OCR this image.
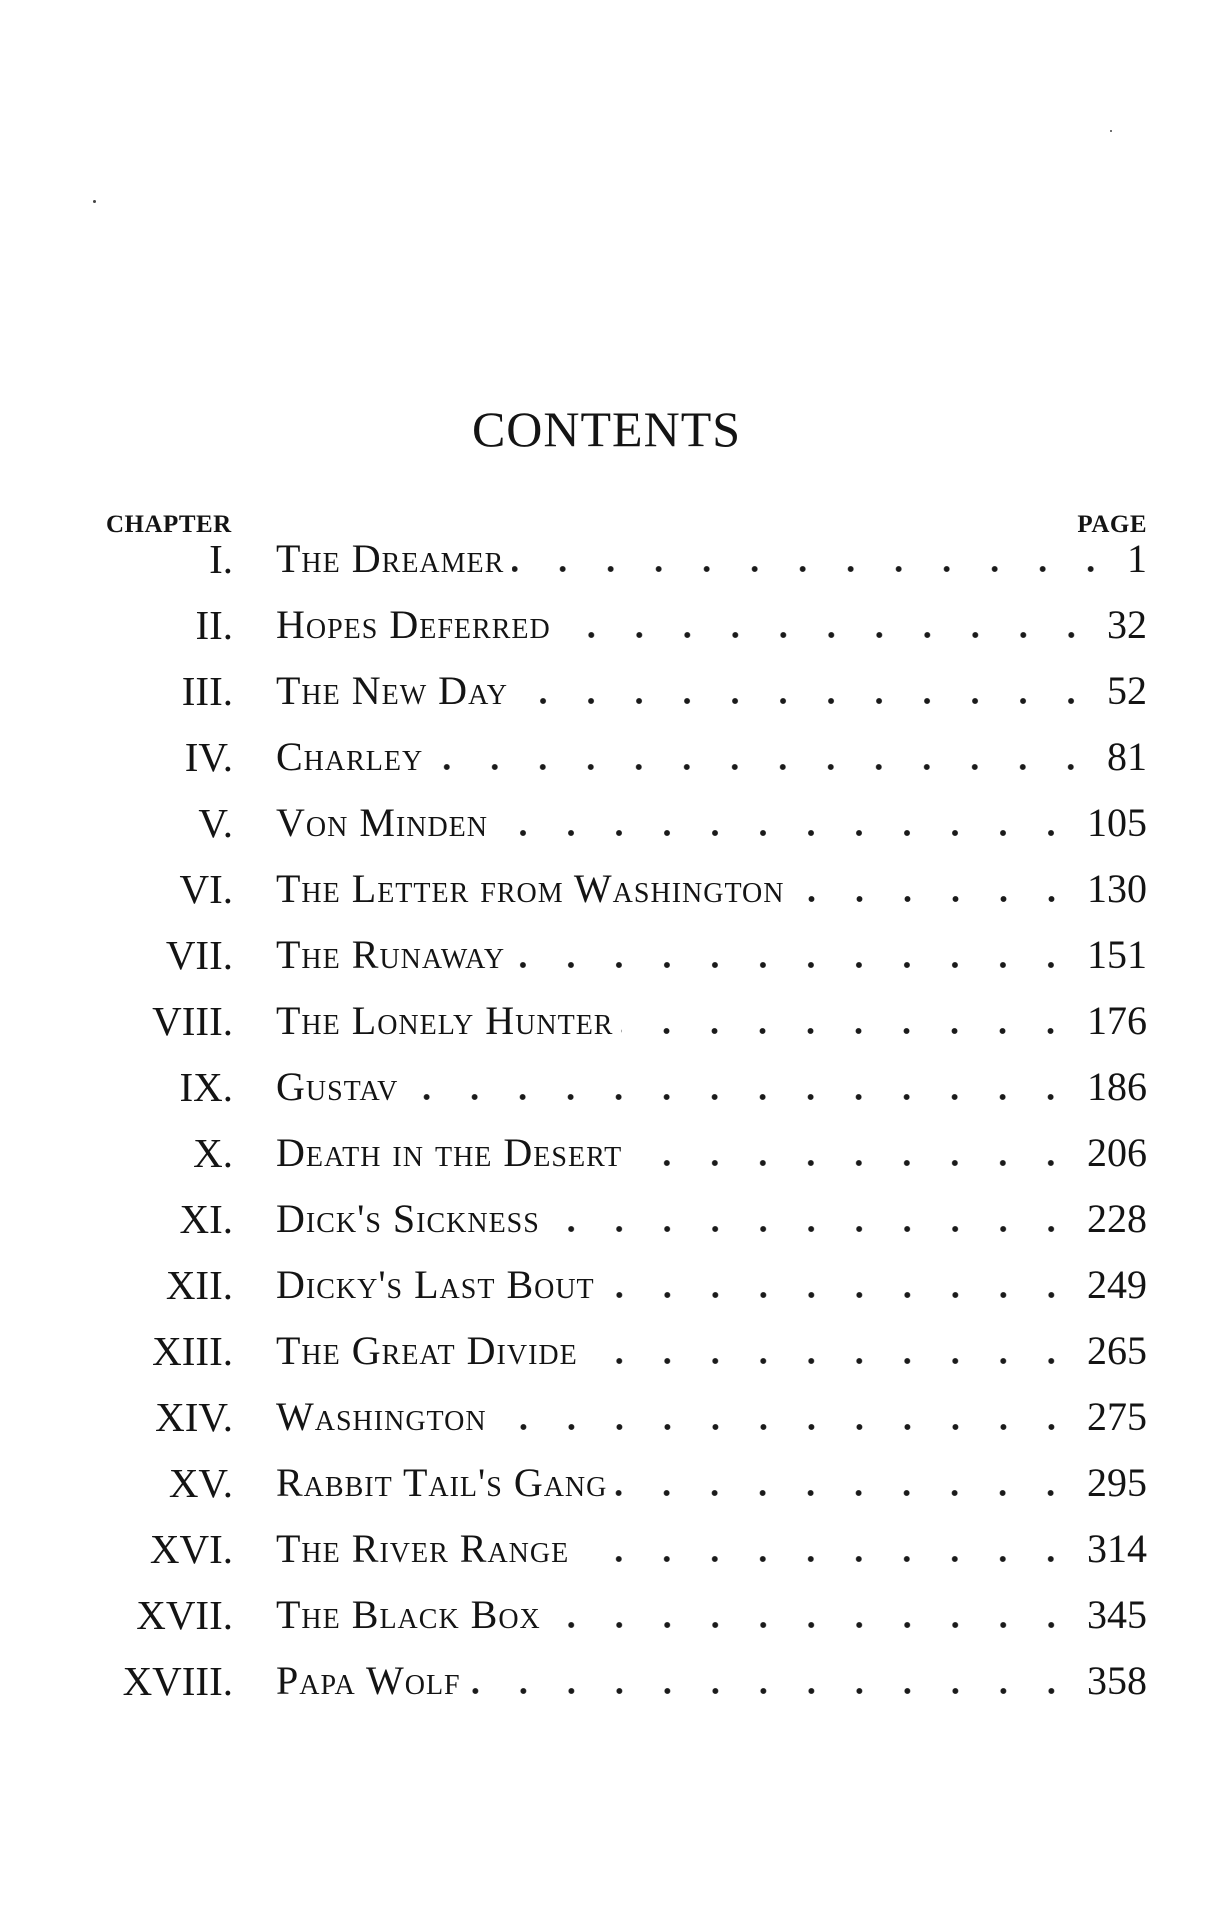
CONTENTS
CHAPTER	PAGE
I. The Dreamer	1
II. Hopes Deferred	32
III. The New Day	52
IV. Charley	81
V. Von Minden	105
VI. The Letter from Washington	130
VII. The Runaway	151
VIII. The Lonely Hunter	176
IX. Gustav	186
X. Death in the Desert	206
XI. Dick's Sickness	228
XII. Dicky's Last Bout	249
XIII. The Great Divide	265
XIV. Washington	275
XV. Rabbit Tail's Gang	295
XVI. The River Range	314
XVII. The Black Box	345
XVIII. Papa Wolf	358
